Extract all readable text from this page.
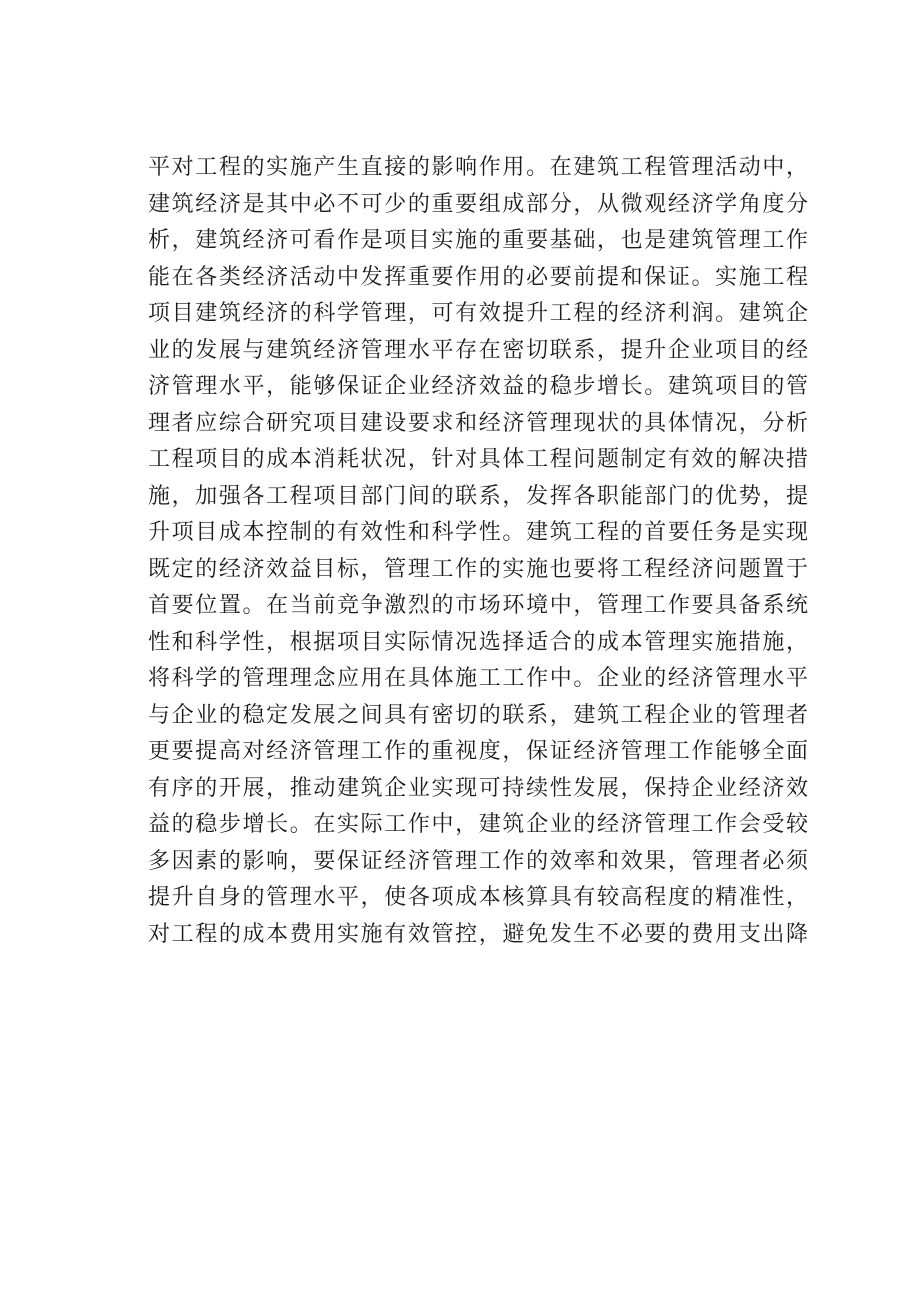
平对工程的实施产生直接的影响作用。在建筑工程管理活动中，
建筑经济是其中必不可少的重要组成部分，从微观经济学角度分
析，建筑经济可看作是项目实施的重要基础，也是建筑管理工作
能在各类经济活动中发挥重要作用的必要前提和保证。实施工程
项目建筑经济的科学管理，可有效提升工程的经济利润。建筑企
业的发展与建筑经济管理水平存在密切联系，提升企业项目的经
济管理水平，能够保证企业经济效益的稳步增长。建筑项目的管
理者应综合研究项目建设要求和经济管理现状的具体情况，分析
工程项目的成本消耗状况，针对具体工程问题制定有效的解决措
施，加强各工程项目部门间的联系，发挥各职能部门的优势，提
升项目成本控制的有效性和科学性。建筑工程的首要任务是实现
既定的经济效益目标，管理工作的实施也要将工程经济问题置于
首要位置。在当前竞争激烈的市场环境中，管理工作要具备系统
性和科学性，根据项目实际情况选择适合的成本管理实施措施，
将科学的管理理念应用在具体施工工作中。企业的经济管理水平
与企业的稳定发展之间具有密切的联系，建筑工程企业的管理者
更要提高对经济管理工作的重视度，保证经济管理工作能够全面
有序的开展，推动建筑企业实现可持续性发展，保持企业经济效
益的稳步增长。在实际工作中，建筑企业的经济管理工作会受较
多因素的影响，要保证经济管理工作的效率和效果，管理者必须
提升自身的管理水平，使各项成本核算具有较高程度的精准性，
对工程的成本费用实施有效管控，避免发生不必要的费用支出降
